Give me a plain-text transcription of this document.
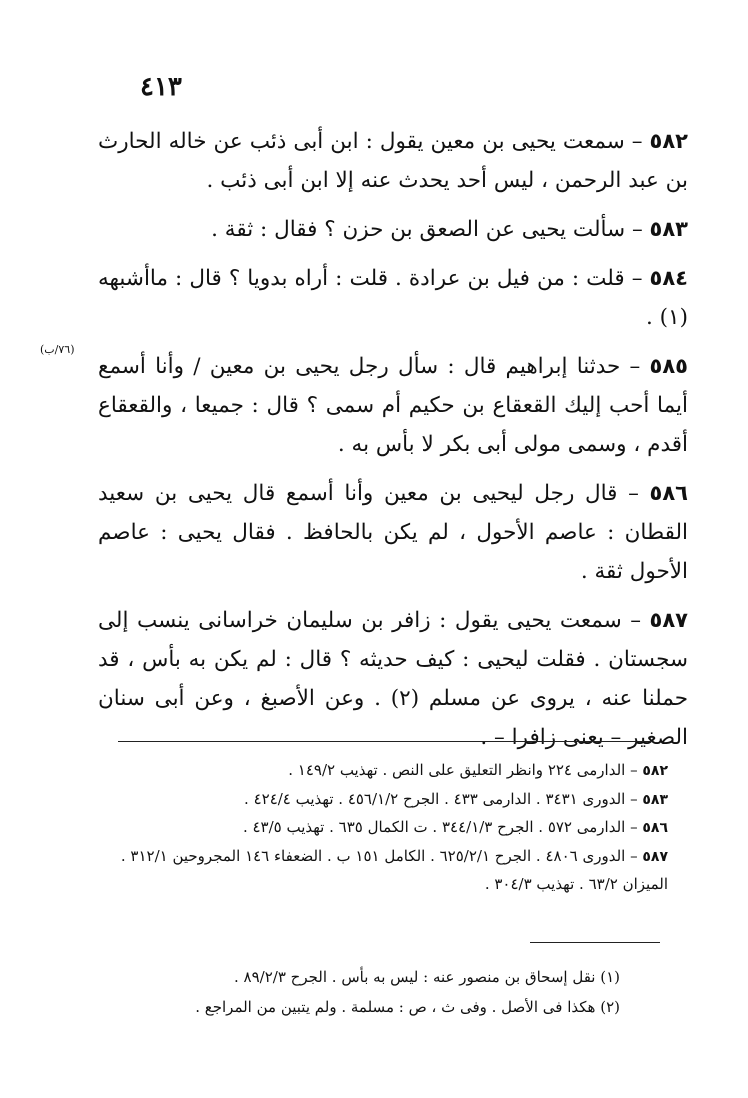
٤١٣
(٧٦/ب)

٥٨٢ – سمعت يحيى بن معين يقول : ابن أبى ذئب عن خاله الحارث بن عبد الرحمن ، ليس أحد يحدث عنه إلا ابن أبى ذئب .

٥٨٣ – سألت يحيى عن الصعق بن حزن ؟ فقال : ثقة .

٥٨٤ – قلت : من فيل بن عرادة . قلت : أراه بدويا ؟ قال : ماأشبهه (١) .

٥٨٥ – حدثنا إبراهيم قال : سأل رجل يحيى بن معين / وأنا أسمع أيما أحب إليك القعقاع بن حكيم أم سمى ؟ قال : جميعا ، والقعقاع أقدم ، وسمى مولى أبى بكر لا بأس به .

٥٨٦ – قال رجل ليحيى بن معين وأنا أسمع قال يحيى بن سعيد القطان : عاصم الأحول ، لم يكن بالحافظ . فقال يحيى : عاصم الأحول ثقة .

٥٨٧ – سمعت يحيى يقول : زافر بن سليمان خراسانى ينسب إلى سجستان . فقلت ليحيى : كيف حديثه ؟ قال : لم يكن به بأس ، قد حملنا عنه ، يروى عن مسلم (٢) . وعن الأصبغ ، وعن أبى سنان الصغير – يعنى زافرا – .

٥٨٢ – الدارمى ٢٢٤ وانظر التعليق على النص . تهذيب ١٤٩/٢ .

٥٨٣ – الدورى ٣٤٣١ . الدارمى ٤٣٣ . الجرح ٤٥٦/١/٢ . تهذيب ٤٢٤/٤ .

٥٨٦ – الدارمى ٥٧٢ . الجرح ٣٤٤/١/٣ . ت الكمال ٦٣٥ . تهذيب ٤٣/٥ .

٥٨٧ – الدورى ٤٨٠٦ . الجرح ٦٢٥/٢/١ . الكامل ١٥١ ب . الضعفاء ١٤٦ المجروحين ٣١٢/١ . الميزان ٦٣/٢ . تهذيب ٣٠٤/٣ .

(١) نقل إسحاق بن منصور عنه : ليس به بأس . الجرح ٨٩/٢/٣ .

(٢) هكذا فى الأصل . وفى ث ، ص : مسلمة . ولم يتبين من المراجع .
